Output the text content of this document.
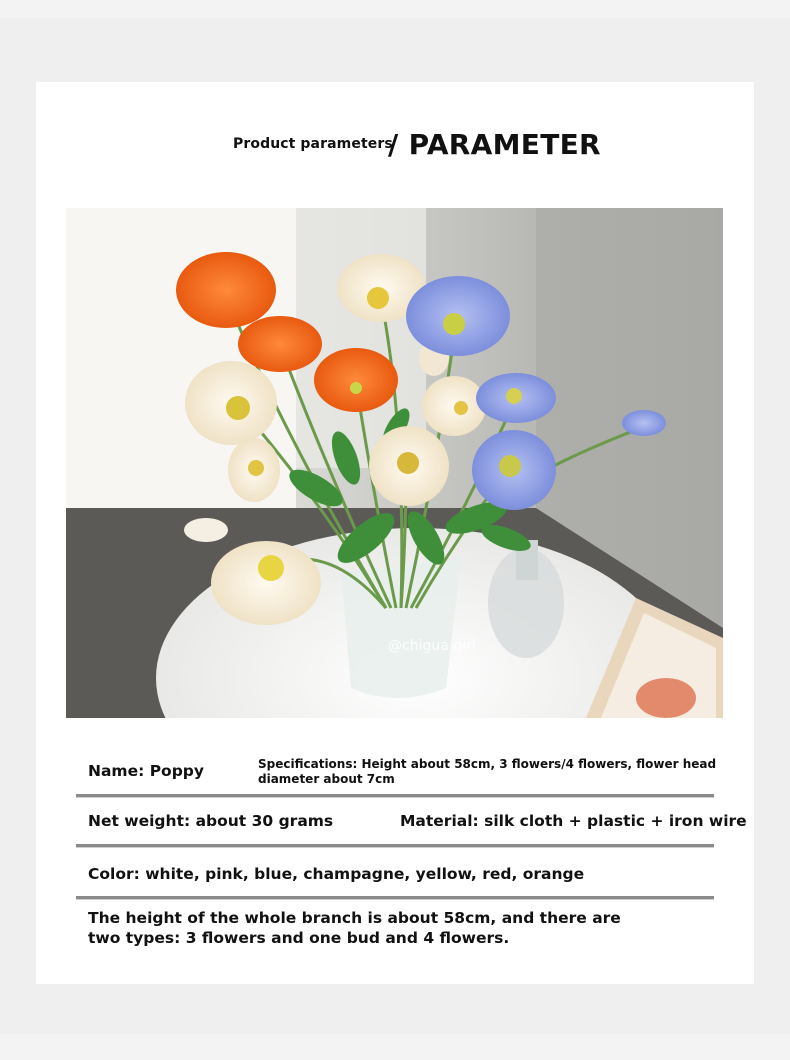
Product parameters
/ PARAMETER
@chigua girl
Name: Poppy	Specifications: Height about 58cm, 3 flowers/4 flowers, flower head diameter about 7cm
Net weight: about 30 grams	Material: silk cloth + plastic + iron wire
Color: white, pink, blue, champagne, yellow, red, orange
The height of the whole branch is about 58cm, and there are two types: 3 flowers and one bud and 4 flowers.
